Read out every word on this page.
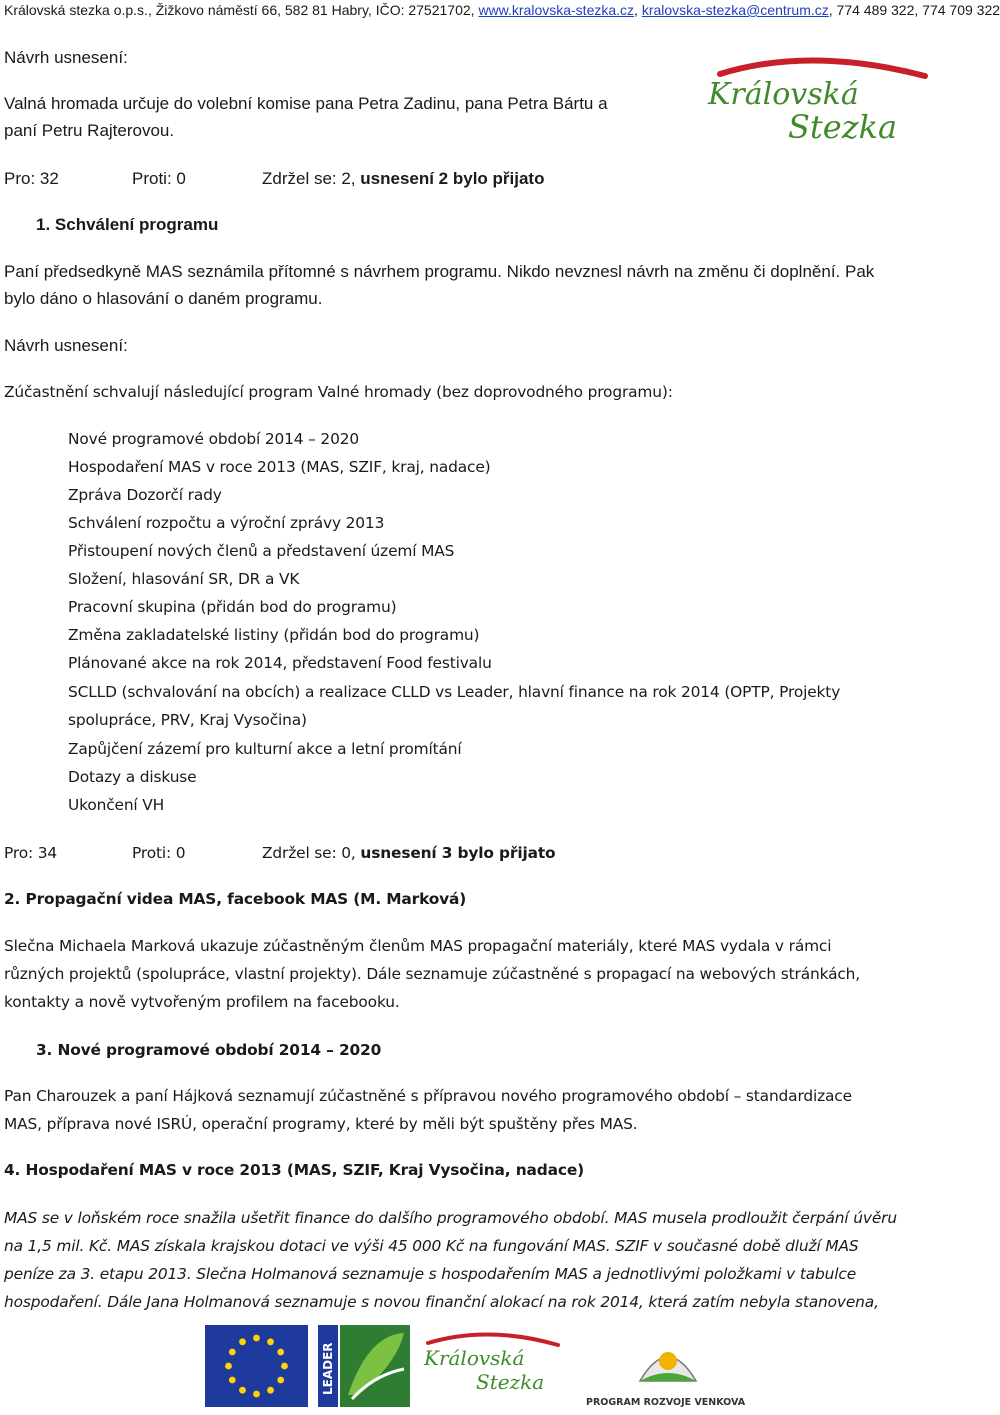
Královská stezka o.p.s., Žižkovo náměstí 66, 582 81 Habry, IČO: 27521702, www.kralovska-stezka.cz, kralovska-stezka@centrum.cz, 774 489 322, 774 709 322
Královská
Stezka
Návrh usnesení:
Valná hromada určuje do volební komise pana Petra Zadinu, pana Petra Bártu a
paní Petru Rajterovou.
Pro: 32	Proti: 0	Zdržel se: 2, usnesení 2 bylo přijato
1. Schválení programu
Paní předsedkyně MAS seznámila přítomné s návrhem programu. Nikdo nevznesl návrh na změnu či doplnění. Pak
bylo dáno o hlasování o daném programu.
Návrh usnesení:
Zúčastnění schvalují následující program Valné hromady (bez doprovodného programu):
Nové programové období 2014 – 2020
Hospodaření MAS v roce 2013 (MAS, SZIF, kraj, nadace)
Zpráva Dozorčí rady
Schválení rozpočtu a výroční zprávy 2013
Přistoupení nových členů a představení území MAS
Složení, hlasování SR, DR a VK
Pracovní skupina (přidán bod do programu)
Změna zakladatelské listiny (přidán bod do programu)
Plánované akce na rok 2014, představení Food festivalu
SCLLD (schvalování na obcích) a realizace CLLD vs Leader, hlavní finance na rok 2014 (OPTP, Projekty
spolupráce, PRV, Kraj Vysočina)
Zapůjčení zázemí pro kulturní akce a letní promítání
Dotazy a diskuse
Ukončení VH
Pro: 34	Proti: 0	Zdržel se: 0, usnesení 3 bylo přijato
2. Propagační videa MAS, facebook MAS (M. Marková)
Slečna Michaela Marková ukazuje zúčastněným členům MAS propagační materiály, které MAS vydala v rámci
různých projektů (spolupráce, vlastní projekty). Dále seznamuje zúčastněné s propagací na webových stránkách,
kontakty a nově vytvořeným profilem na facebooku.
3. Nové programové období 2014 – 2020
Pan Charouzek a paní Hájková seznamují zúčastněné s přípravou nového programového období – standardizace
MAS, příprava nové ISRÚ, operační programy, které by měli být spuštěny přes MAS.
4. Hospodaření MAS v roce 2013 (MAS, SZIF, Kraj Vysočina, nadace)
MAS se v loňském roce snažila ušetřit finance do dalšího programového období. MAS musela prodloužit čerpání úvěru
na 1,5 mil. Kč. MAS získala krajskou dotaci ve výši 45 000 Kč na fungování MAS. SZIF v současné době dluží MAS
peníze za 3. etapu 2013. Slečna Holmanová seznamuje s hospodařením MAS a jednotlivými položkami v tabulce
hospodaření. Dále Jana Holmanová seznamuje s novou finanční alokací na rok 2014, která zatím nebyla stanovena,
LEADER	Královská
Stezka
PROGRAM ROZVOJE VENKOVA
